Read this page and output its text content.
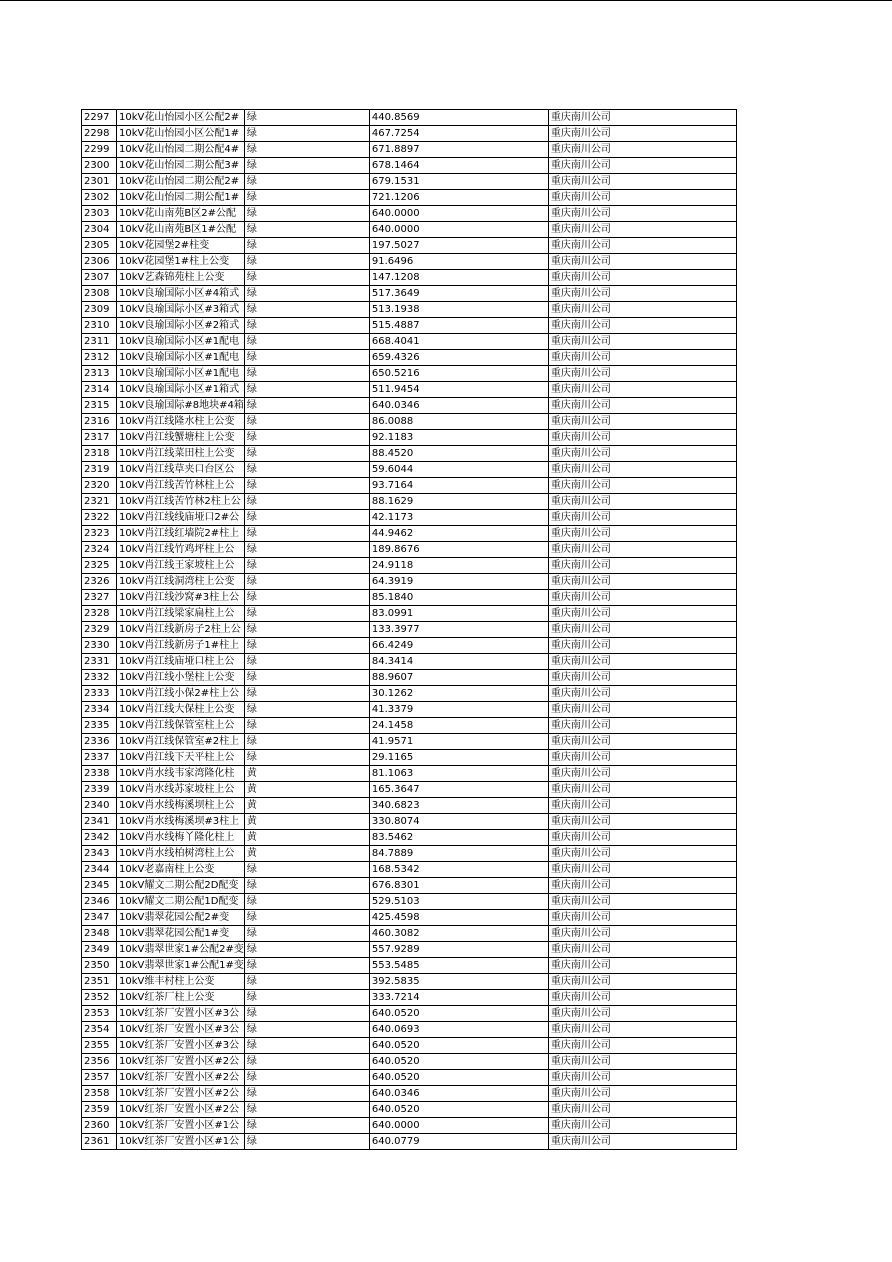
2297	10kV花山怡园小区公配2#	绿	440.8569	重庆南川公司
2298	10kV花山怡园小区公配1#	绿	467.7254	重庆南川公司
2299	10kV花山怡园二期公配4#	绿	671.8897	重庆南川公司
2300	10kV花山怡园二期公配3#	绿	678.1464	重庆南川公司
2301	10kV花山怡园二期公配2#	绿	679.1531	重庆南川公司
2302	10kV花山怡园二期公配1#	绿	721.1206	重庆南川公司
2303	10kV花山南苑B区2#公配	绿	640.0000	重庆南川公司
2304	10kV花山南苑B区1#公配	绿	640.0000	重庆南川公司
2305	10kV花园堡2#柱变	绿	197.5027	重庆南川公司
2306	10kV花园堡1#柱上公变	绿	91.6496	重庆南川公司
2307	10kV艺森锦苑柱上公变	绿	147.1208	重庆南川公司
2308	10kV良瑜国际小区#4箱式	绿	517.3649	重庆南川公司
2309	10kV良瑜国际小区#3箱式	绿	513.1938	重庆南川公司
2310	10kV良瑜国际小区#2箱式	绿	515.4887	重庆南川公司
2311	10kV良瑜国际小区#1配电	绿	668.4041	重庆南川公司
2312	10kV良瑜国际小区#1配电	绿	659.4326	重庆南川公司
2313	10kV良瑜国际小区#1配电	绿	650.5216	重庆南川公司
2314	10kV良瑜国际小区#1箱式	绿	511.9454	重庆南川公司
2315	10kV良瑜国际#8地块#4箱	绿	640.0346	重庆南川公司
2316	10kV肖江线隆水柱上公变	绿	86.0088	重庆南川公司
2317	10kV肖江线蟹塘柱上公变	绿	92.1183	重庆南川公司
2318	10kV肖江线菜田柱上公变	绿	88.4520	重庆南川公司
2319	10kV肖江线草夹口台区公	绿	59.6044	重庆南川公司
2320	10kV肖江线苦竹林柱上公	绿	93.7164	重庆南川公司
2321	10kV肖江线苦竹林2柱上公	绿	88.1629	重庆南川公司
2322	10kV肖江线线庙垭口2#公	绿	42.1173	重庆南川公司
2323	10kV肖江线红墙院2#柱上	绿	44.9462	重庆南川公司
2324	10kV肖江线竹鸡坪柱上公	绿	189.8676	重庆南川公司
2325	10kV肖江线王家坡柱上公	绿	24.9118	重庆南川公司
2326	10kV肖江线洞湾柱上公变	绿	64.3919	重庆南川公司
2327	10kV肖江线沙窝#3柱上公	绿	85.1840	重庆南川公司
2328	10kV肖江线梁家扁柱上公	绿	83.0991	重庆南川公司
2329	10kV肖江线新房子2柱上公	绿	133.3977	重庆南川公司
2330	10kV肖江线新房子1#柱上	绿	66.4249	重庆南川公司
2331	10kV肖江线庙垭口柱上公	绿	84.3414	重庆南川公司
2332	10kV肖江线小堡柱上公变	绿	88.9607	重庆南川公司
2333	10kV肖江线小保2#柱上公	绿	30.1262	重庆南川公司
2334	10kV肖江线大保柱上公变	绿	41.3379	重庆南川公司
2335	10kV肖江线保管室柱上公	绿	24.1458	重庆南川公司
2336	10kV肖江线保管室#2柱上	绿	41.9571	重庆南川公司
2337	10kV肖江线下天平柱上公	绿	29.1165	重庆南川公司
2338	10kV肖水线韦家湾隆化柱	黄	81.1063	重庆南川公司
2339	10kV肖水线苏家坡柱上公	黄	165.3647	重庆南川公司
2340	10kV肖水线梅溪坝柱上公	黄	340.6823	重庆南川公司
2341	10kV肖水线梅溪坝#3柱上	黄	330.8074	重庆南川公司
2342	10kV肖水线梅丫隆化柱上	黄	83.5462	重庆南川公司
2343	10kV肖水线柏树湾柱上公	黄	84.7889	重庆南川公司
2344	10kV老嘉南柱上公变	绿	168.5342	重庆南川公司
2345	10kV耀文二期公配2D配变	绿	676.8301	重庆南川公司
2346	10kV耀文二期公配1D配变	绿	529.5103	重庆南川公司
2347	10kV翡翠花园公配2#变	绿	425.4598	重庆南川公司
2348	10kV翡翠花园公配1#变	绿	460.3082	重庆南川公司
2349	10kV翡翠世家1#公配2#变	绿	557.9289	重庆南川公司
2350	10kV翡翠世家1#公配1#变	绿	553.5485	重庆南川公司
2351	10kV维丰村柱上公变	绿	392.5835	重庆南川公司
2352	10kV红茶厂柱上公变	绿	333.7214	重庆南川公司
2353	10kV红茶厂安置小区#3公	绿	640.0520	重庆南川公司
2354	10kV红茶厂安置小区#3公	绿	640.0693	重庆南川公司
2355	10kV红茶厂安置小区#3公	绿	640.0520	重庆南川公司
2356	10kV红茶厂安置小区#2公	绿	640.0520	重庆南川公司
2357	10kV红茶厂安置小区#2公	绿	640.0520	重庆南川公司
2358	10kV红茶厂安置小区#2公	绿	640.0346	重庆南川公司
2359	10kV红茶厂安置小区#2公	绿	640.0520	重庆南川公司
2360	10kV红茶厂安置小区#1公	绿	640.0000	重庆南川公司
2361	10kV红茶厂安置小区#1公	绿	640.0779	重庆南川公司
